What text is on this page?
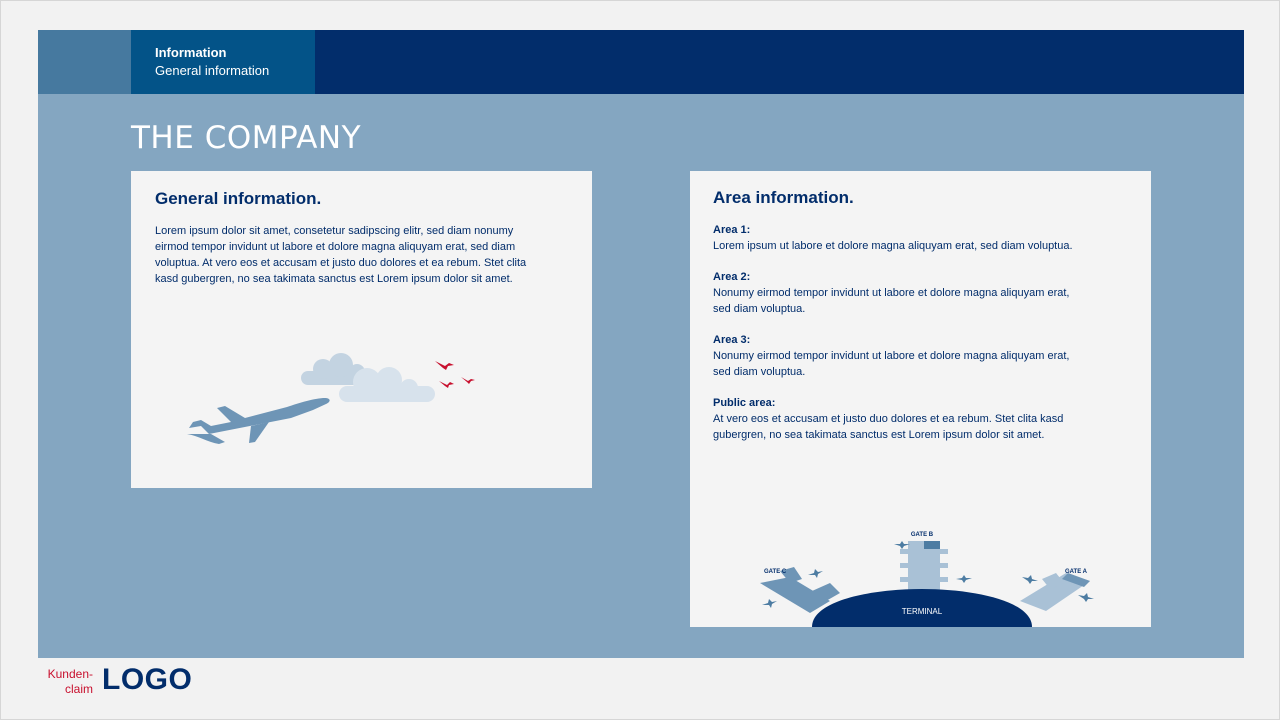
Information
General information
THE COMPANY
General information.
Lorem ipsum dolor sit amet, consetetur sadipscing elitr, sed diam nonumy eirmod tempor invidunt ut labore et dolore magna aliquyam erat, sed diam voluptua. At vero eos et accusam et justo duo dolores et ea rebum. Stet clita kasd gubergren, no sea takimata sanctus est Lorem ipsum dolor sit amet.
Area information.
Area 1:
Lorem ipsum ut labore et dolore magna aliquyam erat, sed diam voluptua.
Area 2:
Nonumy eirmod tempor invidunt ut labore et dolore magna aliquyam erat, sed diam voluptua.
Area 3:
Nonumy eirmod tempor invidunt ut labore et dolore magna aliquyam erat, sed diam voluptua.
Public area:
At vero eos et accusam et justo duo dolores et ea rebum. Stet clita kasd gubergren, no sea takimata sanctus est Lorem ipsum dolor sit amet.
TERMINAL
GATE B
GATE C	GATE A
Kunden-
claim LOGO
